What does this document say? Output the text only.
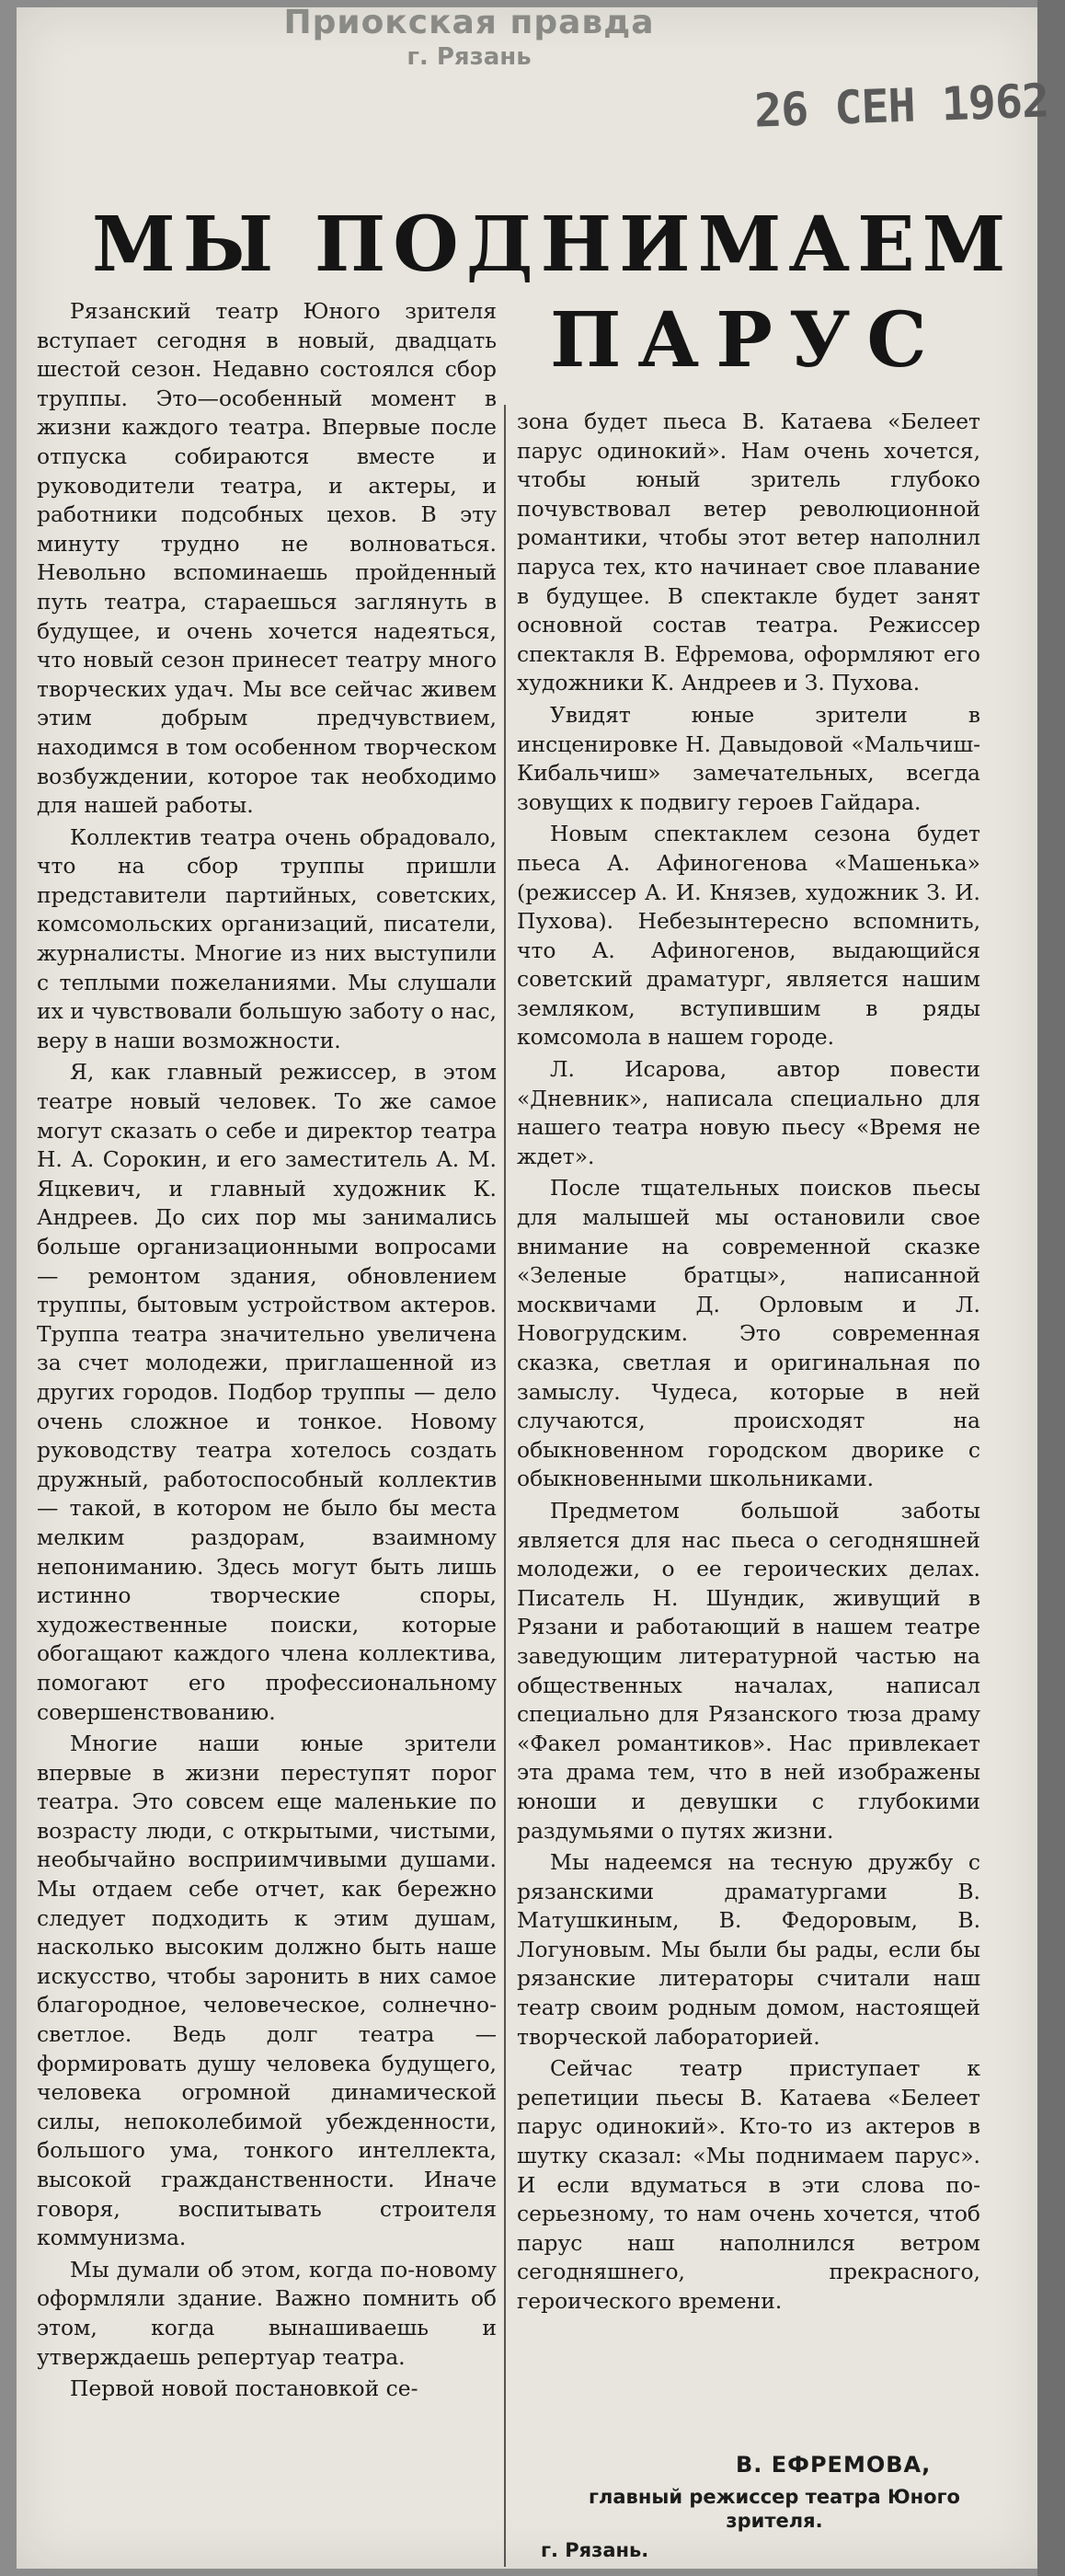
Приокская правда
г. Рязань
26 СЕН 1962
МЫ ПОДНИМАЕМ
ПАРУС

Рязанский театр Юного зрителя вступает сегодня в новый, двадцать шестой сезон. Недавно состоялся сбор труппы. Это—особенный момент в жизни каждого театра. Впервые после отпуска собираются вместе и руководители театра, и актеры, и работники подсобных цехов. В эту минуту трудно не волноваться. Невольно вспоминаешь пройденный путь театра, стараешься заглянуть в будущее, и очень хочется надеяться, что новый сезон принесет театру много творческих удач. Мы все сейчас живем этим добрым предчувствием, находимся в том особенном творческом возбуждении, которое так необходимо для нашей работы.

Коллектив театра очень обрадовало, что на сбор труппы пришли представители партийных, советских, комсомольских организаций, писатели, журналисты. Многие из них выступили с теплыми пожеланиями. Мы слушали их и чувствовали большую заботу о нас, веру в наши возможности.

Я, как главный режиссер, в этом театре новый человек. То же самое могут сказать о себе и директор театра Н. А. Сорокин, и его заместитель А. М. Яцкевич, и главный художник К. Андреев. До сих пор мы занимались больше организационными вопросами — ремонтом здания, обновлением труппы, бытовым устройством актеров. Труппа театра значительно увеличена за счет молодежи, приглашенной из других городов. Подбор труппы — дело очень сложное и тонкое. Новому руководству театра хотелось создать дружный, работоспособный коллектив — такой, в котором не было бы места мелким раздорам, взаимному непониманию. Здесь могут быть лишь истинно творческие споры, художественные поиски, которые обогащают каждого члена коллектива, помогают его профессиональному совершенствованию.

Многие наши юные зрители впервые в жизни переступят порог театра. Это совсем еще маленькие по возрасту люди, с открытыми, чистыми, необычайно восприимчивыми душами. Мы отдаем себе отчет, как бережно следует подходить к этим душам, насколько высоким должно быть наше искусство, чтобы заронить в них самое благородное, человеческое, солнечно-светлое. Ведь долг театра — формировать душу человека будущего, человека огромной динамической силы, непоколебимой убежденности, большого ума, тонкого интеллекта, высокой гражданственности. Иначе говоря, воспитывать строителя коммунизма.

Мы думали об этом, когда по-новому оформляли здание. Важно помнить об этом, когда вынашиваешь и утверждаешь репертуар театра.

Первой новой постановкой се-

зона будет пьеса В. Катаева «Белеет парус одинокий». Нам очень хочется, чтобы юный зритель глубоко почувствовал ветер революционной романтики, чтобы этот ветер наполнил паруса тех, кто начинает свое плавание в будущее. В спектакле будет занят основной состав театра. Режиссер спектакля В. Ефремова, оформляют его художники К. Андреев и З. Пухова.

Увидят юные зрители в инсценировке Н. Давыдовой «Мальчиш-Кибальчиш» замечательных, всегда зовущих к подвигу героев Гайдара.

Новым спектаклем сезона будет пьеса А. Афиногенова «Машенька» (режиссер А. И. Князев, художник З. И. Пухова). Небезынтересно вспомнить, что А. Афиногенов, выдающийся советский драматург, является нашим земляком, вступившим в ряды комсомола в нашем городе.

Л. Исарова, автор повести «Дневник», написала специально для нашего театра новую пьесу «Время не ждет».

После тщательных поисков пьесы для малышей мы остановили свое внимание на современной сказке «Зеленые братцы», написанной москвичами Д. Орловым и Л. Новогрудским. Это современная сказка, светлая и оригинальная по замыслу. Чудеса, которые в ней случаются, происходят на обыкновенном городском дворике с обыкновенными школьниками.

Предметом большой заботы является для нас пьеса о сегодняшней молодежи, о ее героических делах. Писатель Н. Шундик, живущий в Рязани и работающий в нашем театре заведующим литературной частью на общественных началах, написал специально для Рязанского тюза драму «Факел романтиков». Нас привлекает эта драма тем, что в ней изображены юноши и девушки с глубокими раздумьями о путях жизни.

Мы надеемся на тесную дружбу с рязанскими драматургами В. Матушкиным, В. Федоровым, В. Логуновым. Мы были бы рады, если бы рязанские литераторы считали наш театр своим родным домом, настоящей творческой лабораторией.

Сейчас театр приступает к репетиции пьесы В. Катаева «Белеет парус одинокий». Кто-то из актеров в шутку сказал: «Мы поднимаем парус». И если вдуматься в эти слова по-серьезному, то нам очень хочется, чтоб парус наш наполнился ветром сегодняшнего, прекрасного, героического времени.

В. ЕФРЕМОВА,
главный режиссер театра Юного зрителя.
г. Рязань.
